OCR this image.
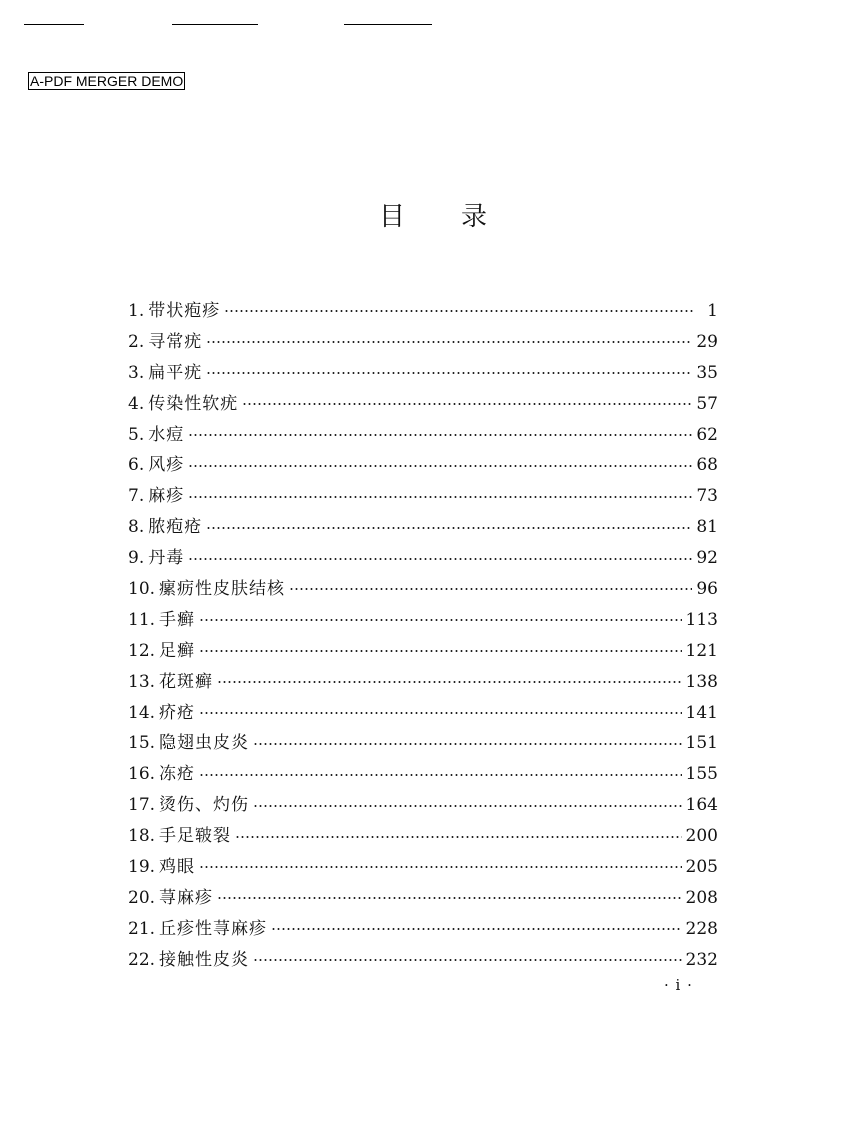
A-PDF MERGER DEMO
目录
1. 带状疱疹	1
2. 寻常疣	29
3. 扁平疣	35
4. 传染性软疣	57
5. 水痘	62
6. 风疹	68
7. 麻疹	73
8. 脓疱疮	81
9. 丹毒	92
10. 瘰疬性皮肤结核	96
11. 手癣	113
12. 足癣	121
13. 花斑癣	138
14. 疥疮	141
15. 隐翅虫皮炎	151
16. 冻疮	155
17. 烫伤、灼伤	164
18. 手足皲裂	200
19. 鸡眼	205
20. 荨麻疹	208
21. 丘疹性荨麻疹	228
22. 接触性皮炎	232
· i ·
